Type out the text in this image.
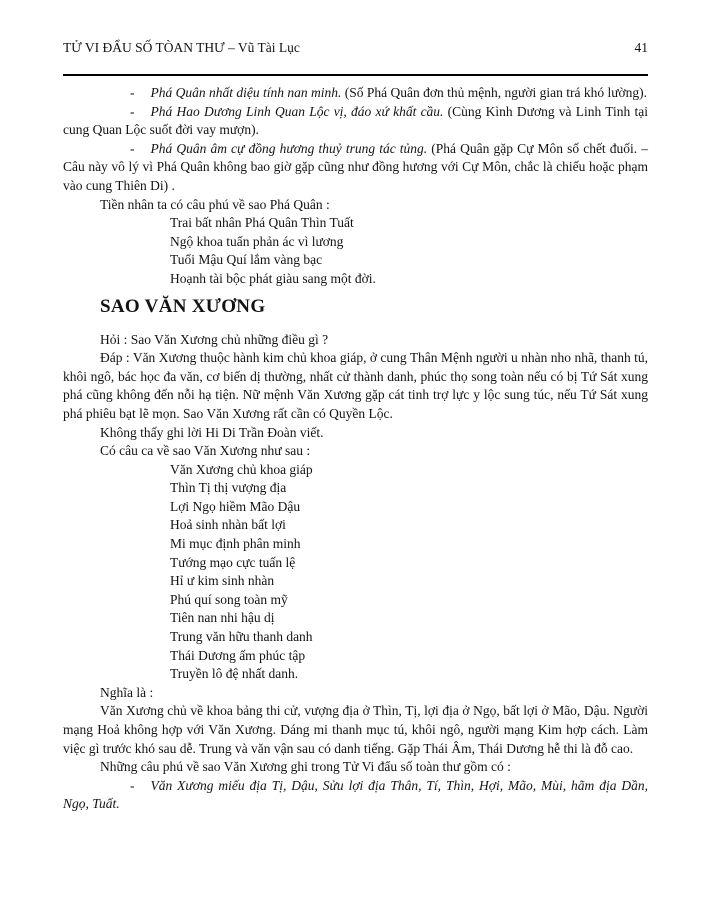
TỬ VI ĐẨU SỐ TÒAN THƯ – Vũ Tài Lục	41

- Phá Quân nhất diệu tính nan minh. (Số Phá Quân đơn thủ mệnh, người gian trá khó lường).

- Phá Hao Dương Linh Quan Lộc vị, đáo xứ khất cầu. (Cùng Kình Dương và Linh Tinh tại cung Quan Lộc suốt đời vay mượn).

- Phá Quân âm cự đồng hương thuỷ trung tác tủng. (Phá Quân gặp Cự Môn số chết đuối. – Câu này vô lý vì Phá Quân không bao giờ gặp cũng như đồng hương với Cự Môn, chắc là chiếu hoặc phạm vào cung Thiên Di) .

Tiền nhân ta có câu phú về sao Phá Quân :

Trai bất nhân Phá Quân Thìn Tuất
Ngộ khoa tuẩn phản ác vì lương
Tuổi Mậu Quí lắm vàng bạc
Hoạnh tài bộc phát giàu sang một đời.
SAO VĂN XƯƠNG

Hỏi : Sao Văn Xương chủ những điều gì ?

Đáp : Văn Xương thuộc hành kim chủ khoa giáp, ở cung Thân Mệnh người u nhàn nho nhã, thanh tú, khôi ngô, bác học đa văn, cơ biến dị thường, nhất cử thành danh, phúc thọ song toàn nếu có bị Tứ Sát xung phá cũng không đến nỗi hạ tiện. Nữ mệnh Văn Xương gặp cát tinh trợ lực y lộc sung túc, nếu Tứ Sát xung phá phiêu bạt lẽ mọn. Sao Văn Xương rất cần có Quyền Lộc.

Không thấy ghi lời Hi Di Trần Đoàn viết.

Có câu ca về sao Văn Xương như sau :

Văn Xương chủ khoa giáp
Thìn Tị thị vượng địa
Lợi Ngọ hiềm Mão Dậu
Hoả sinh nhàn bất lợi
Mi mục định phân minh
Tướng mạo cực tuấn lệ
Hỉ ư kim sinh nhàn
Phú quí song toàn mỹ
Tiên nan nhi hậu dị
Trung văn hữu thanh danh
Thái Dương ấm phúc tập
Truyền lô đệ nhất danh.

Nghĩa là :

Văn Xương chủ về khoa bảng thi cử, vượng địa ở Thìn, Tị, lợi địa ở Ngọ, bất lợi ở Mão, Dậu. Người mạng Hoả không hợp với Văn Xương. Dáng mi thanh mục tú, khôi ngô, người mạng Kim hợp cách. Làm việc gì trước khó sau dễ. Trung và văn vận sau có danh tiếng. Gặp Thái Âm, Thái Dương hễ thi là đỗ cao.

Những câu phú về sao Văn Xương ghi trong Tử Vi đẩu số toàn thư gồm có :

- Văn Xương miếu địa Tị, Dậu, Sửu lợi địa Thân, Tí, Thìn, Hợi, Mão, Mùi, hãm địa Dần, Ngọ, Tuất.
